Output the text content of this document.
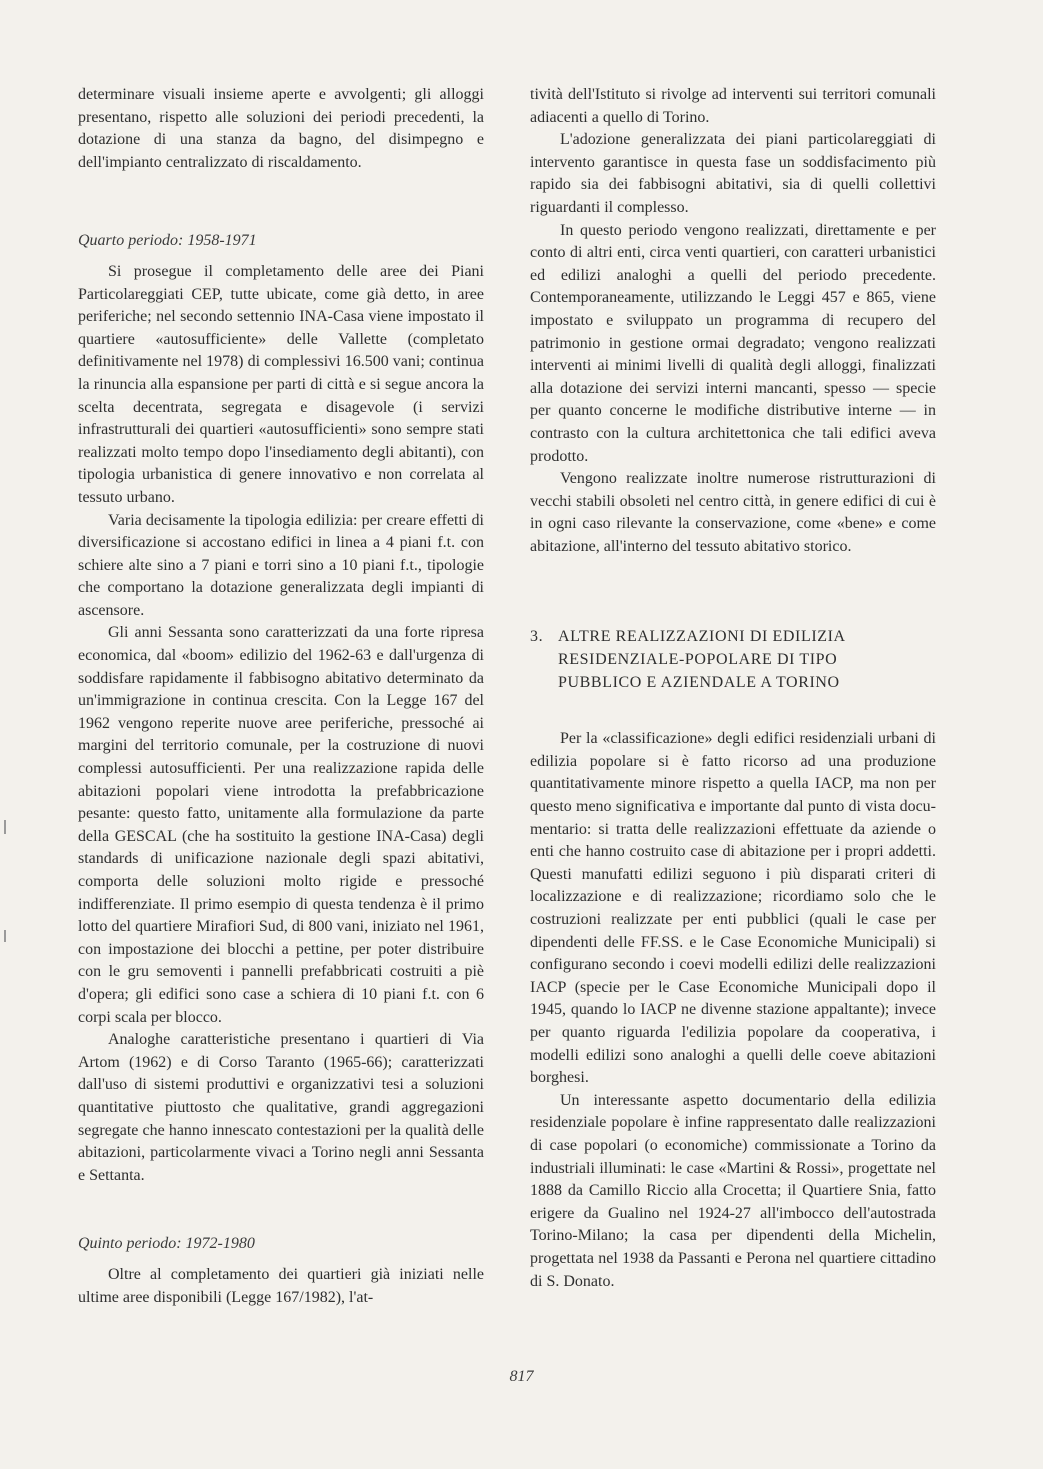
determinare visuali insieme aperte e avvolgenti; gli alloggi presentano, rispetto alle soluzioni dei periodi precedenti, la dotazione di una stanza da bagno, del disimpegno e dell'impianto centralizzato di riscaldamento.

Quarto periodo: 1958-1971

Si prosegue il completamento delle aree dei Piani Particolareggiati CEP, tutte ubicate, come già detto, in aree periferiche; nel secondo settennio INA-Casa viene impostato il quartiere «autosufficiente» delle Vallette (completato definitivamente nel 1978) di complessivi 16.500 vani; continua la rinuncia alla espansione per parti di città e si segue ancora la scelta decentrata, segregata e disagevole (i servizi infrastrutturali dei quartieri «autosufficienti» sono sempre stati realizzati molto tempo dopo l'insediamento degli abitanti), con tipologia urbanistica di genere innovativo e non correlata al tessuto urbano.

Varia decisamente la tipologia edilizia: per creare effetti di diversificazione si accostano edifici in linea a 4 piani f.t. con schiere alte sino a 7 piani e torri sino a 10 piani f.t., tipologie che comportano la dotazione generalizzata degli impianti di ascensore.

Gli anni Sessanta sono caratterizzati da una forte ripresa economica, dal «boom» edilizio del 1962-63 e dall'urgenza di soddisfare rapidamente il fabbisogno abitativo determinato da un'immigrazione in continua crescita. Con la Legge 167 del 1962 vengono reperite nuove aree periferiche, pressoché ai margini del territorio comunale, per la costruzione di nuovi complessi autosufficienti. Per una realizzazione rapida delle abitazioni popolari viene introdotta la prefabbricazione pesante: questo fatto, unitamente alla formulazione da parte della GESCAL (che ha sostituito la gestione INA-Casa) degli standards di unificazione nazionale degli spazi abitativi, comporta delle soluzioni molto rigide e pressoché indifferenziate. Il primo esempio di questa tendenza è il primo lotto del quartiere Mirafiori Sud, di 800 vani, iniziato nel 1961, con impostazione dei blocchi a pettine, per poter distribuire con le gru semoventi i pannelli prefabbricati costruiti a piè d'opera; gli edifici sono case a schiera di 10 piani f.t. con 6 corpi scala per blocco.

Analoghe caratteristiche presentano i quartieri di Via Artom (1962) e di Corso Taranto (1965-66); caratterizzati dall'uso di sistemi produttivi e organizzativi tesi a soluzioni quantitative piuttosto che qualitative, grandi aggregazioni segregate che hanno innescato contestazioni per la qualità delle abitazioni, particolarmente vivaci a Torino negli anni Sessanta e Settanta.

Quinto periodo: 1972-1980

Oltre al completamento dei quartieri già iniziati nelle ultime aree disponibili (Legge 167/1982), l'at-

tività dell'Istituto si rivolge ad interventi sui territori comunali adiacenti a quello di Torino.

L'adozione generalizzata dei piani particolareggiati di intervento garantisce in questa fase un soddisfacimento più rapido sia dei fabbisogni abitativi, sia di quelli collettivi riguardanti il complesso.

In questo periodo vengono realizzati, direttamente e per conto di altri enti, circa venti quartieri, con caratteri urbanistici ed edilizi analoghi a quelli del periodo precedente. Contemporaneamente, utilizzando le Leggi 457 e 865, viene impostato e sviluppato un programma di recupero del patrimonio in gestione ormai degradato; vengono realizzati interventi ai minimi livelli di qualità degli alloggi, finalizzati alla dotazione dei servizi interni mancanti, spesso — specie per quanto concerne le modifiche distributive interne — in contrasto con la cultura architettonica che tali edifici aveva prodotto.

Vengono realizzate inoltre numerose ristrutturazioni di vecchi stabili obsoleti nel centro città, in genere edifici di cui è in ogni caso rilevante la conservazione, come «bene» e come abitazione, all'interno del tessuto abitativo storico.

3. ALTRE REALIZZAZIONI DI EDILIZIA
RESIDENZIALE-POPOLARE DI TIPO
PUBBLICO E AZIENDALE A TORINO

Per la «classificazione» degli edifici residenziali urbani di edilizia popolare si è fatto ricorso ad una produzione quantitativamente minore rispetto a quella IACP, ma non per questo meno significativa e importante dal punto di vista documentario: si tratta delle realizzazioni effettuate da aziende o enti che hanno costruito case di abitazione per i propri addetti. Questi manufatti edilizi seguono i più disparati criteri di localizzazione e di realizzazione; ricordiamo solo che le costruzioni realizzate per enti pubblici (quali le case per dipendenti delle FF.SS. e le Case Economiche Municipali) si configurano secondo i coevi modelli edilizi delle realizzazioni IACP (specie per le Case Economiche Municipali dopo il 1945, quando lo IACP ne divenne stazione appaltante); invece per quanto riguarda l'edilizia popolare da cooperativa, i modelli edilizi sono analoghi a quelli delle coeve abitazioni borghesi.

Un interessante aspetto documentario della edilizia residenziale popolare è infine rappresentato dalle realizzazioni di case popolari (o economiche) commissionate a Torino da industriali illuminati: le case «Martini & Rossi», progettate nel 1888 da Camillo Riccio alla Crocetta; il Quartiere Snia, fatto erigere da Gualino nel 1924-27 all'imbocco dell'autostrada Torino-Milano; la casa per dipendenti della Michelin, progettata nel 1938 da Passanti e Perona nel quartiere cittadino di S. Donato.

817
